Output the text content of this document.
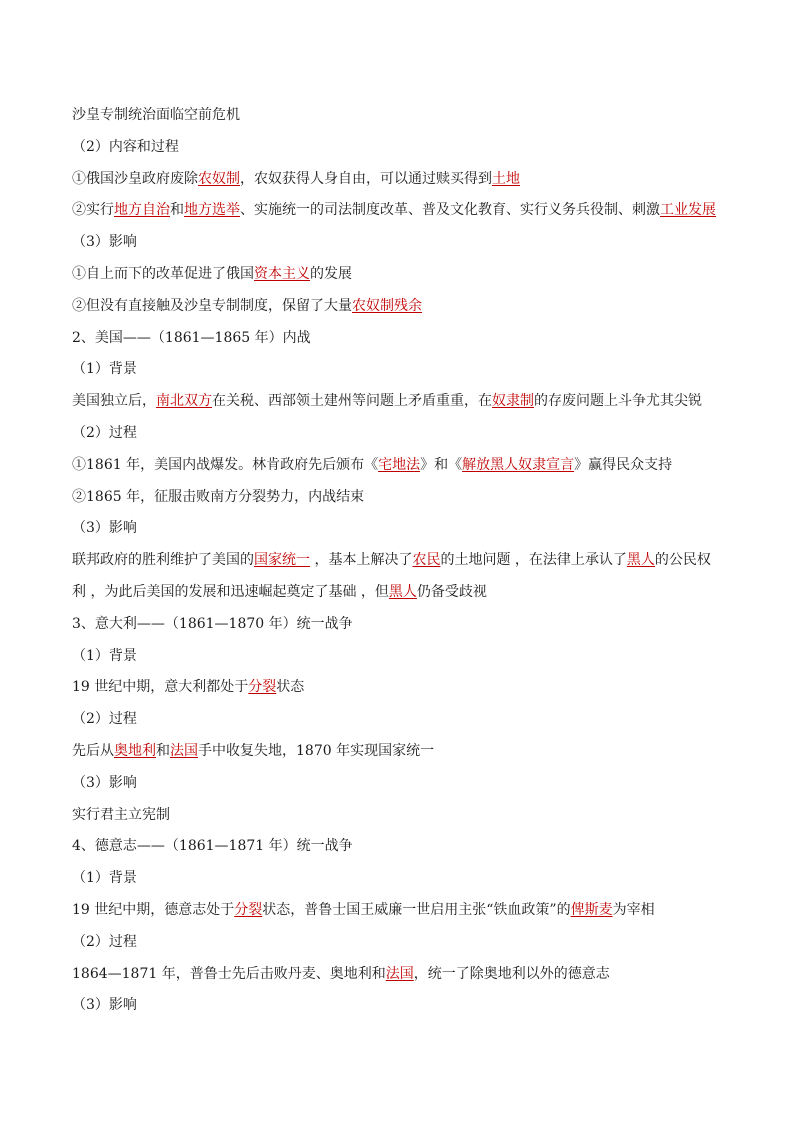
沙皇专制统治面临空前危机
（2）内容和过程
①俄国沙皇政府废除农奴制，农奴获得人身自由，可以通过赎买得到土地
②实行地方自治和地方选举、实施统一的司法制度改革、普及文化教育、实行义务兵役制、刺激工业发展
（3）影响
①自上而下的改革促进了俄国资本主义的发展
②但没有直接触及沙皇专制制度，保留了大量农奴制残余
2、美国——（1861—1865 年）内战
（1）背景
美国独立后，南北双方在关税、西部领土建州等问题上矛盾重重，在奴隶制的存废问题上斗争尤其尖锐
（2）过程
①1861 年，美国内战爆发。林肯政府先后颁布《宅地法》和《解放黑人奴隶宣言》赢得民众支持
②1865 年，征服击败南方分裂势力，内战结束
（3）影响
联邦政府的胜利维护了美国的国家统一 ，基本上解决了农民的土地问题 ，在法律上承认了黑人的公民权
利 ，为此后美国的发展和迅速崛起奠定了基础 ，但黑人仍备受歧视
3、意大利——（1861—1870 年）统一战争
（1）背景
19 世纪中期，意大利都处于分裂状态
（2）过程
先后从奥地利和法国手中收复失地，1870 年实现国家统一
（3）影响
实行君主立宪制
4、德意志——（1861—1871 年）统一战争
（1）背景
19 世纪中期，德意志处于分裂状态，普鲁士国王威廉一世启用主张“铁血政策”的俾斯麦为宰相
（2）过程
1864—1871 年，普鲁士先后击败丹麦、奥地利和法国，统一了除奥地利以外的德意志
（3）影响
